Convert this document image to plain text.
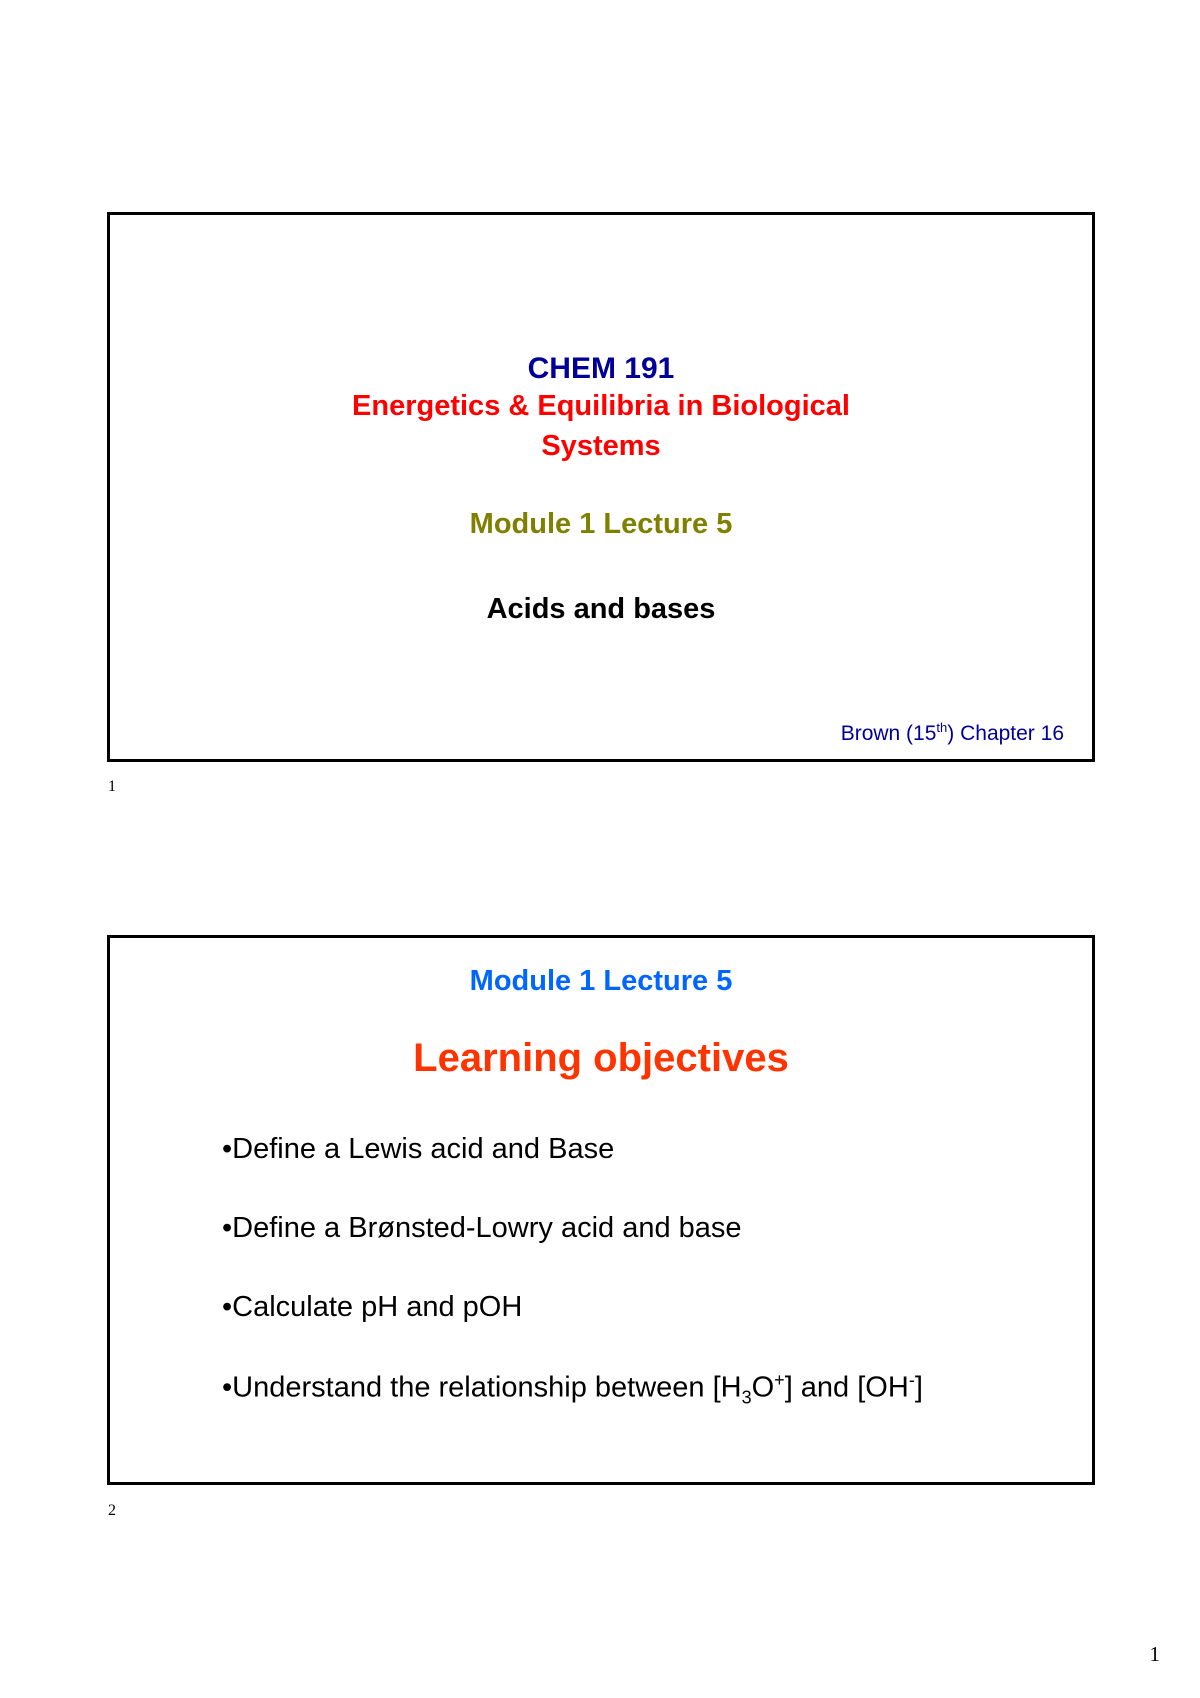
CHEM 191
Energetics & Equilibria in Biological
Systems
Module 1 Lecture 5
Acids and bases
Brown (15th) Chapter 16
1
Module 1 Lecture 5
Learning objectives
•Define a Lewis acid and Base
•Define a Brønsted-Lowry acid and base
•Calculate pH and pOH
•Understand the relationship between $[H_3O^+]$ and [OH-]
2
1
